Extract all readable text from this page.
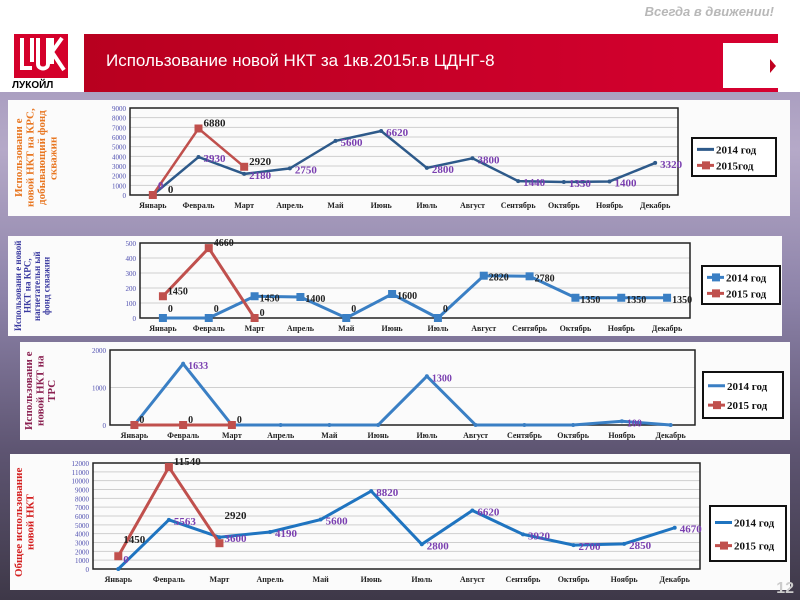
Всегда в движении!
ЛУКОЙЛ
Использование новой НКТ за 1кв.2015г.в ЦДНГ-8
Использовани е новой НКТ на КРС, добывающий фонд скважин
0
1000
2000
3000
4000
5000
6000
7000
8000
9000
Январь Февраль Март	Апрель	Май	Июнь	Июль	Август Сентябрь Октябрь Ноябрь Декабрь
2014 год
2015год
0
3930
2180 2750
5600
6620
2800
3800
1440 1350 1400
3320
0
6880
2920
Использовани е новой НКТ на КРС, нагнетательн ый фонд скважин
0
100
200
300
400
500
Январь Февраль Март	Апрель	Май	Июнь	Июль	Август Сентябрь Октябрь Ноябрь Декабрь
2014 год
2015 год
0	0
1450	1400
0
1600
0
2820	2780
1350	1350	1350
1450
4660
0
Использовани е новой НКТ на ТРС
0
1000
2000
Январь Февраль	Март	Апрель	Май	Июнь	Июль	Август Сентябрь Октябрь Ноябрь	Декабрь
2014 год
2015 год
1633
1300
100
0	0	0
Общее использование новой НКТ
0
1000
2000
3000
4000
5000
6000
7000
8000
9000
10000
11000
12000
Январь	Февраль	Март	Апрель	Май	Июнь	Июль	Август	Сентябрь Октябрь	Ноябрь	Декабрь
2014 год
2015 год
0
5563
3600	4190
5600
8820
2800
6620
3920
2700	2850
4670
1450
11540
2920
12
